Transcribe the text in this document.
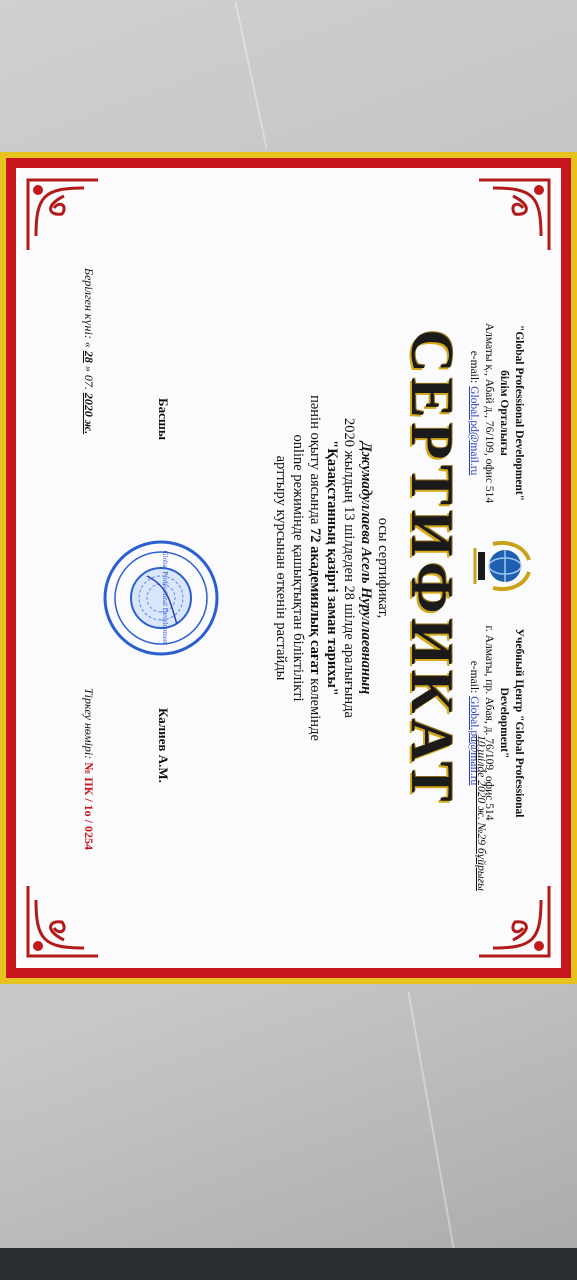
"Global Professional Development"
білім Орталығы
Алматы қ., Абай д., 76/109, офис 514
e-mail: Global.pd@mail.ru
Учебный Центр "Global Professional
Development"
г. Алматы, пр. Абая, д. 76/109, офис 514
e-mail: Global.pd@mail.ru
10 шілде 2020 ж. №29 бұйрығы
СЕРТИФИКАТ
осы сертификат,
Джумадуллаева Асель Нуруллаевнаның
2020 жылдың 13 шілдеден 28 шілде аралығында
"Қазақстанның қазіргі заман тарихы"
пәнін оқыту аясында 72 академиялық сағат көлемінде
online режимінде қашықтықтан біліктілікті
арттыру курсынан өткенін растайды
Басшы
Global Professional Development
Калиев А.М.
Берілген күні: « 28 » 07. 2020 ж.
Тіркеу нөмірі: № ПК / 1о / 0254
